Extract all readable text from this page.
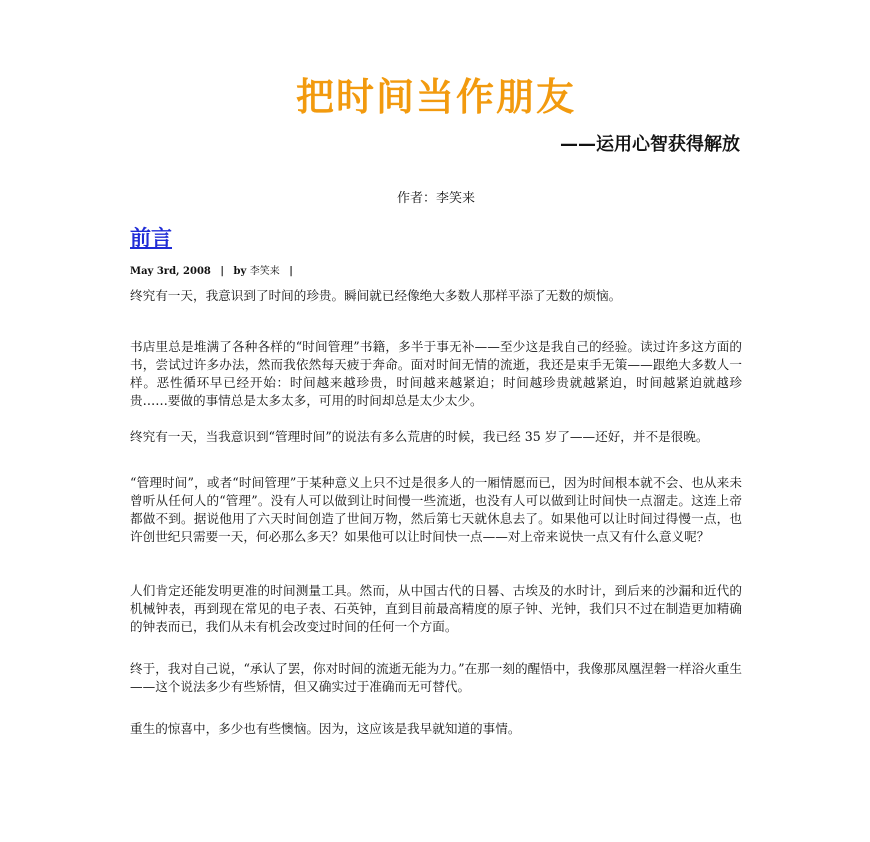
把时间当作朋友
——运用心智获得解放
作者：李笑来
前言
May 3rd, 2008 | by 李笑来 |

终究有一天，我意识到了时间的珍贵。瞬间就已经像绝大多数人那样平添了无数的烦恼。

书店里总是堆满了各种各样的“时间管理”书籍，多半于事无补——至少这是我自己的经验。读过许多这方面的书，尝试过许多办法，然而我依然每天疲于奔命。面对时间无情的流逝，我还是束手无策——跟绝大多数人一样。恶性循环早已经开始：时间越来越珍贵，时间越来越紧迫；时间越珍贵就越紧迫，时间越紧迫就越珍贵……要做的事情总是太多太多，可用的时间却总是太少太少。

终究有一天，当我意识到“管理时间”的说法有多么荒唐的时候，我已经 35 岁了——还好，并不是很晚。

“管理时间”，或者“时间管理”于某种意义上只不过是很多人的一厢情愿而已，因为时间根本就不会、也从来未曾听从任何人的“管理”。没有人可以做到让时间慢一些流逝，也没有人可以做到让时间快一点溜走。这连上帝都做不到。据说他用了六天时间创造了世间万物，然后第七天就休息去了。如果他可以让时间过得慢一点，也许创世纪只需要一天，何必那么多天？如果他可以让时间快一点——对上帝来说快一点又有什么意义呢？

人们肯定还能发明更准的时间测量工具。然而，从中国古代的日晷、古埃及的水时计，到后来的沙漏和近代的机械钟表，再到现在常见的电子表、石英钟，直到目前最高精度的原子钟、光钟，我们只不过在制造更加精确的钟表而已，我们从未有机会改变过时间的任何一个方面。

终于，我对自己说，“承认了罢，你对时间的流逝无能为力。”在那一刻的醒悟中，我像那凤凰涅磐一样浴火重生——这个说法多少有些矫情，但又确实过于准确而无可替代。

重生的惊喜中，多少也有些懊恼。因为，这应该是我早就知道的事情。
